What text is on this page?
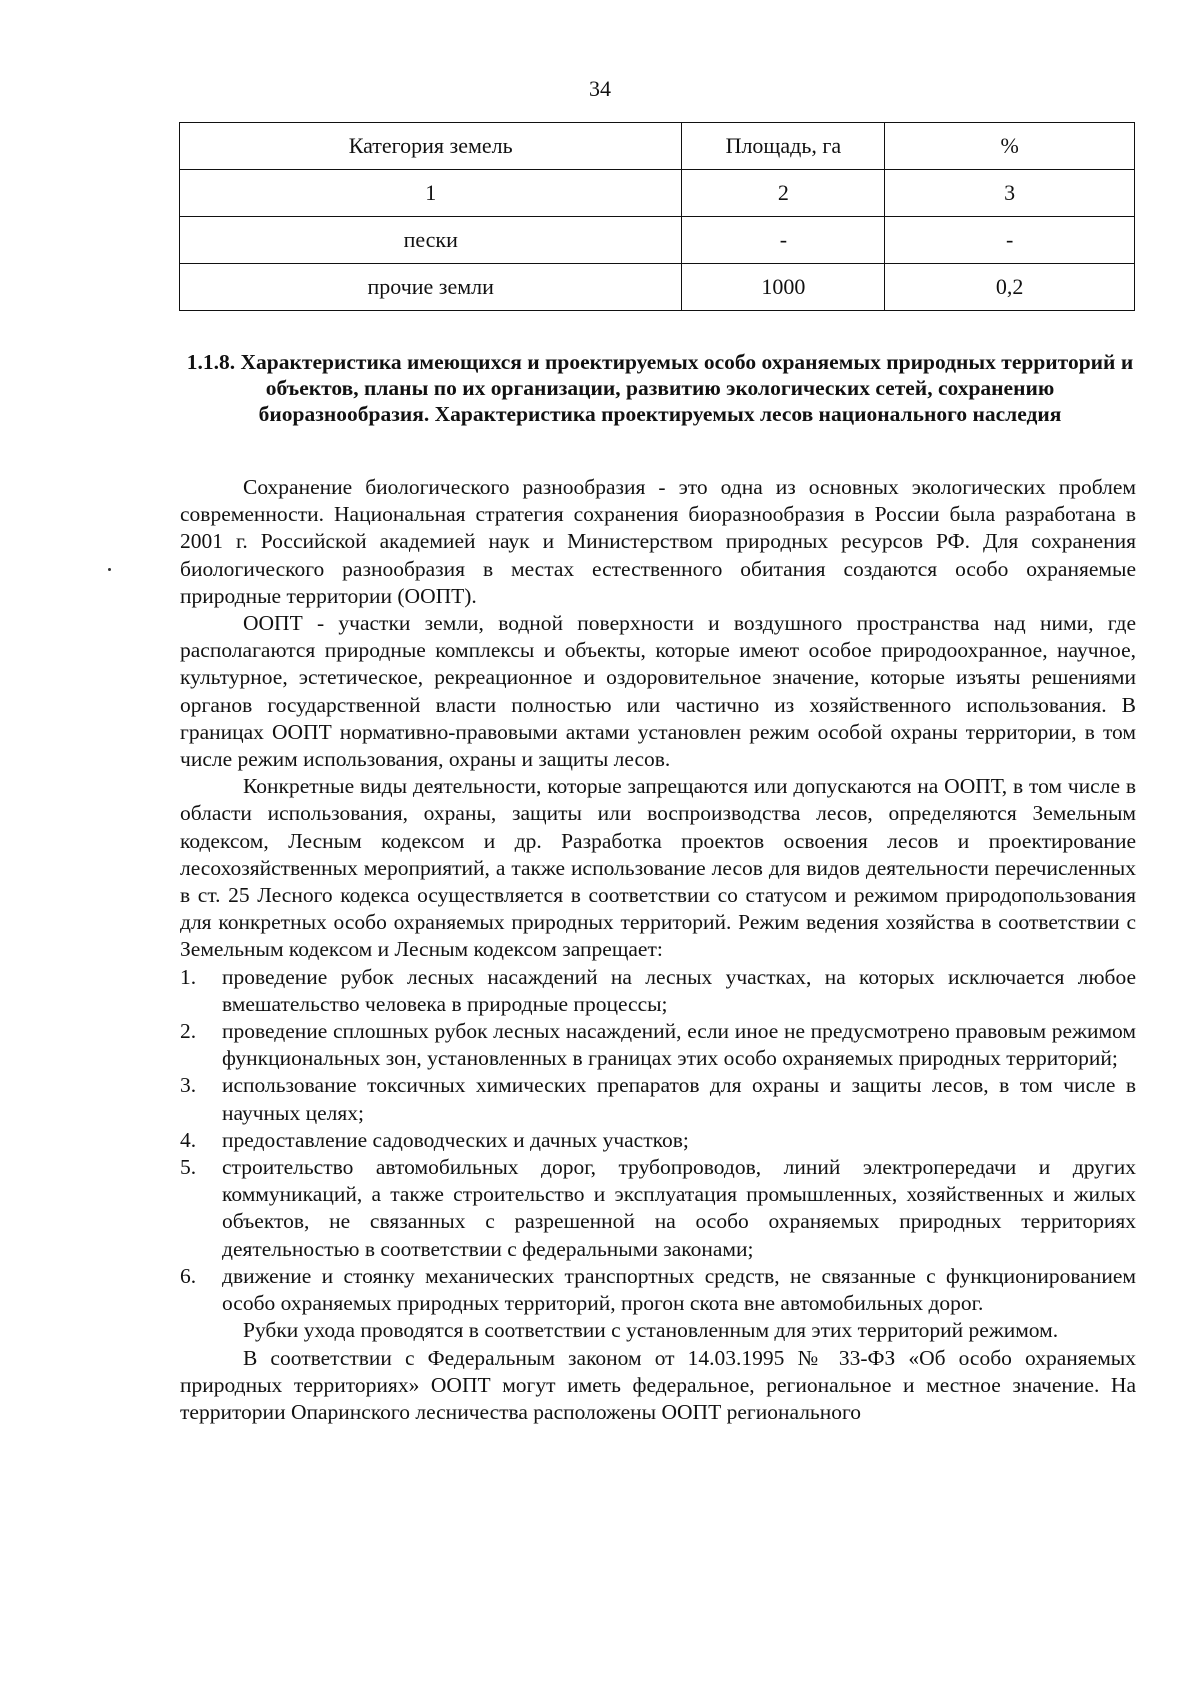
34
Категория земель	Площадь, га	%
1	2	3
пески	-	-
прочие земли	1000	0,2
1.1.8. Характеристика имеющихся и проектируемых особо охраняемых природных территорий и объектов, планы по их организации, развитию экологических сетей, сохранению биоразнообразия. Характеристика проектируемых лесов национального наследия

Сохранение биологического разнообразия - это одна из основных экологических проблем современности. Национальная стратегия сохранения биоразнообразия в России была разработана в 2001 г. Российской академией наук и Министерством природных ресурсов РФ. Для сохранения биологического разнообразия в местах естественного обитания создаются особо охраняемые природные территории (ООПТ).

ООПТ - участки земли, водной поверхности и воздушного пространства над ними, где располагаются природные комплексы и объекты, которые имеют особое природоохранное, научное, культурное, эстетическое, рекреационное и оздоровительное значение, которые изъяты решениями органов государственной власти полностью или частично из хозяйственного использования. В границах ООПТ нормативно-правовыми актами установлен режим особой охраны территории, в том числе режим использования, охраны и защиты лесов.

Конкретные виды деятельности, которые запрещаются или допускаются на ООПТ, в том числе в области использования, охраны, защиты или воспроизводства лесов, определяются Земельным кодексом, Лесным кодексом и др. Разработка проектов освоения лесов и проектирование лесохозяйственных мероприятий, а также использование лесов для видов деятельности перечисленных в ст. 25 Лесного кодекса осуществляется в соответствии со статусом и режимом природопользования для конкретных особо охраняемых природных территорий. Режим ведения хозяйства в соответствии с Земельным кодексом и Лесным кодексом запрещает:

1. проведение рубок лесных насаждений на лесных участках, на которых исключается любое вмешательство человека в природные процессы;
2. проведение сплошных рубок лесных насаждений, если иное не предусмотрено правовым режимом функциональных зон, установленных в границах этих особо охраняемых природных территорий;
3. использование токсичных химических препаратов для охраны и защиты лесов, в том числе в научных целях;
4. предоставление садоводческих и дачных участков;
5. строительство автомобильных дорог, трубопроводов, линий электропередачи и других коммуникаций, а также строительство и эксплуатация промышленных, хозяйственных и жилых объектов, не связанных с разрешенной на особо охраняемых природных территориях деятельностью в соответствии с федеральными законами;
6. движение и стоянку механических транспортных средств, не связанные с функционированием особо охраняемых природных территорий, прогон скота вне автомобильных дорог.

Рубки ухода проводятся в соответствии с установленным для этих территорий режимом.

В соответствии с Федеральным законом от 14.03.1995 № 33-ФЗ «Об особо охраняемых природных территориях» ООПТ могут иметь федеральное, региональное и местное значение. На территории Опаринского лесничества расположены ООПТ регионального
